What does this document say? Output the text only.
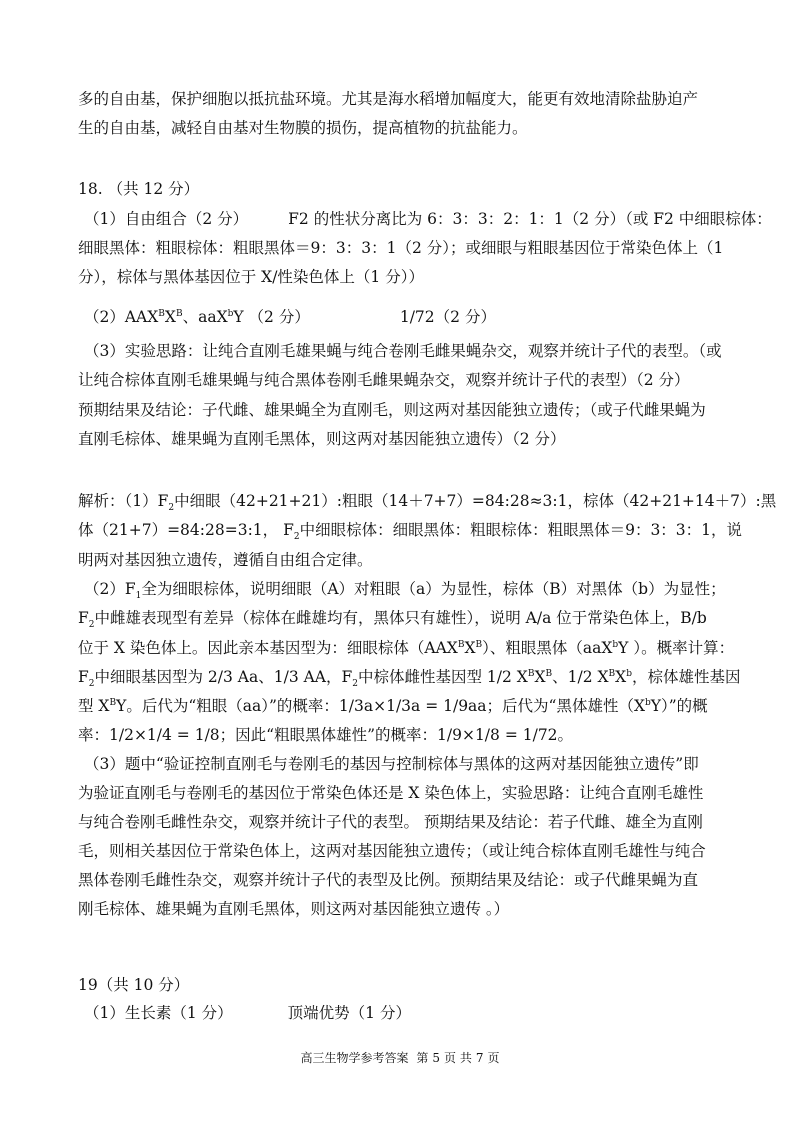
多的自由基，保护细胞以抵抗盐环境。尤其是海水稻增加幅度大，能更有效地清除盐胁迫产
生的自由基，减轻自由基对生物膜的损伤，提高植物的抗盐能力。
18. （共 12 分）
（1）自由组合（2 分）	F2 的性状分离比为 6：3：3：2：1：1（2 分）（或 F2 中细眼棕体：
细眼黑体：粗眼棕体：粗眼黑体＝9：3：3：1（2 分）；或细眼与粗眼基因位于常染色体上（1
分），棕体与黑体基因位于 X/性染色体上（1 分））
$(2)AAX^BX^B$、aaX$^b$Y （2 分）	1/72（2 分）
（3）实验思路：让纯合直刚毛雄果蝇与纯合卷刚毛雌果蝇杂交，观察并统计子代的表型。（或
让纯合棕体直刚毛雄果蝇与纯合黑体卷刚毛雌果蝇杂交，观察并统计子代的表型）（2 分）
预期结果及结论：子代雌、雄果蝇全为直刚毛，则这两对基因能独立遗传；（或子代雌果蝇为
直刚毛棕体、雄果蝇为直刚毛黑体，则这两对基因能独立遗传）（2 分）
解析：$(1)F_2$中细眼（42+21+21）:粗眼（14＋7+7）=84:28≈3:1，棕体（42+21+14＋7）:黑
体（21+7）=84:28=3:1， $F_2$中细眼棕体：细眼黑体：粗眼棕体：粗眼黑体＝9：3：3：1，说
明两对基因独立遗传，遵循自由组合定律。
$(2)F_1$全为细眼棕体，说明细眼（A）对粗眼（a）为显性，棕体（B）对黑体（b）为显性；
$F_2$中雌雄表现型有差异（棕体在雌雄均有，黑体只有雄性），说明 A/a 位于常染色体上，B/b
位于 X 染色体上。因此亲本基因型为：细眼棕体$(AAX^BX^B)$、粗眼黑体（aaX$^b$Y ）。概率计算：
$F_2$中细眼基因型为 2/3 Aa、1/3 AA，$F_2$中棕体雌性基因型 1/2 $X^BX^B$、1/2 $X^BX^b$，棕体雄性基因
型 $X^BY$。后代为“粗眼（aa）”的概率：1/3a×1/3a = 1/9aa；后代为“黑体雄性$(X^bY)$”的概
率：1/2×1/4 = 1/8；因此“粗眼黑体雄性”的概率：1/9×1/8 = 1/72。
（3）题中“验证控制直刚毛与卷刚毛的基因与控制棕体与黑体的这两对基因能独立遗传”即
为验证直刚毛与卷刚毛的基因位于常染色体还是 X 染色体上，实验思路：让纯合直刚毛雄性
与纯合卷刚毛雌性杂交，观察并统计子代的表型。 预期结果及结论：若子代雌、雄全为直刚
毛，则相关基因位于常染色体上，这两对基因能独立遗传；（或让纯合棕体直刚毛雄性与纯合
黑体卷刚毛雌性杂交，观察并统计子代的表型及比例。预期结果及结论：或子代雌果蝇为直
刚毛棕体、雄果蝇为直刚毛黑体，则这两对基因能独立遗传 。）
19（共 10 分）
（1）生长素（1 分）	顶端优势（1 分）
高三生物学参考答案 第 5 页 共 7 页
